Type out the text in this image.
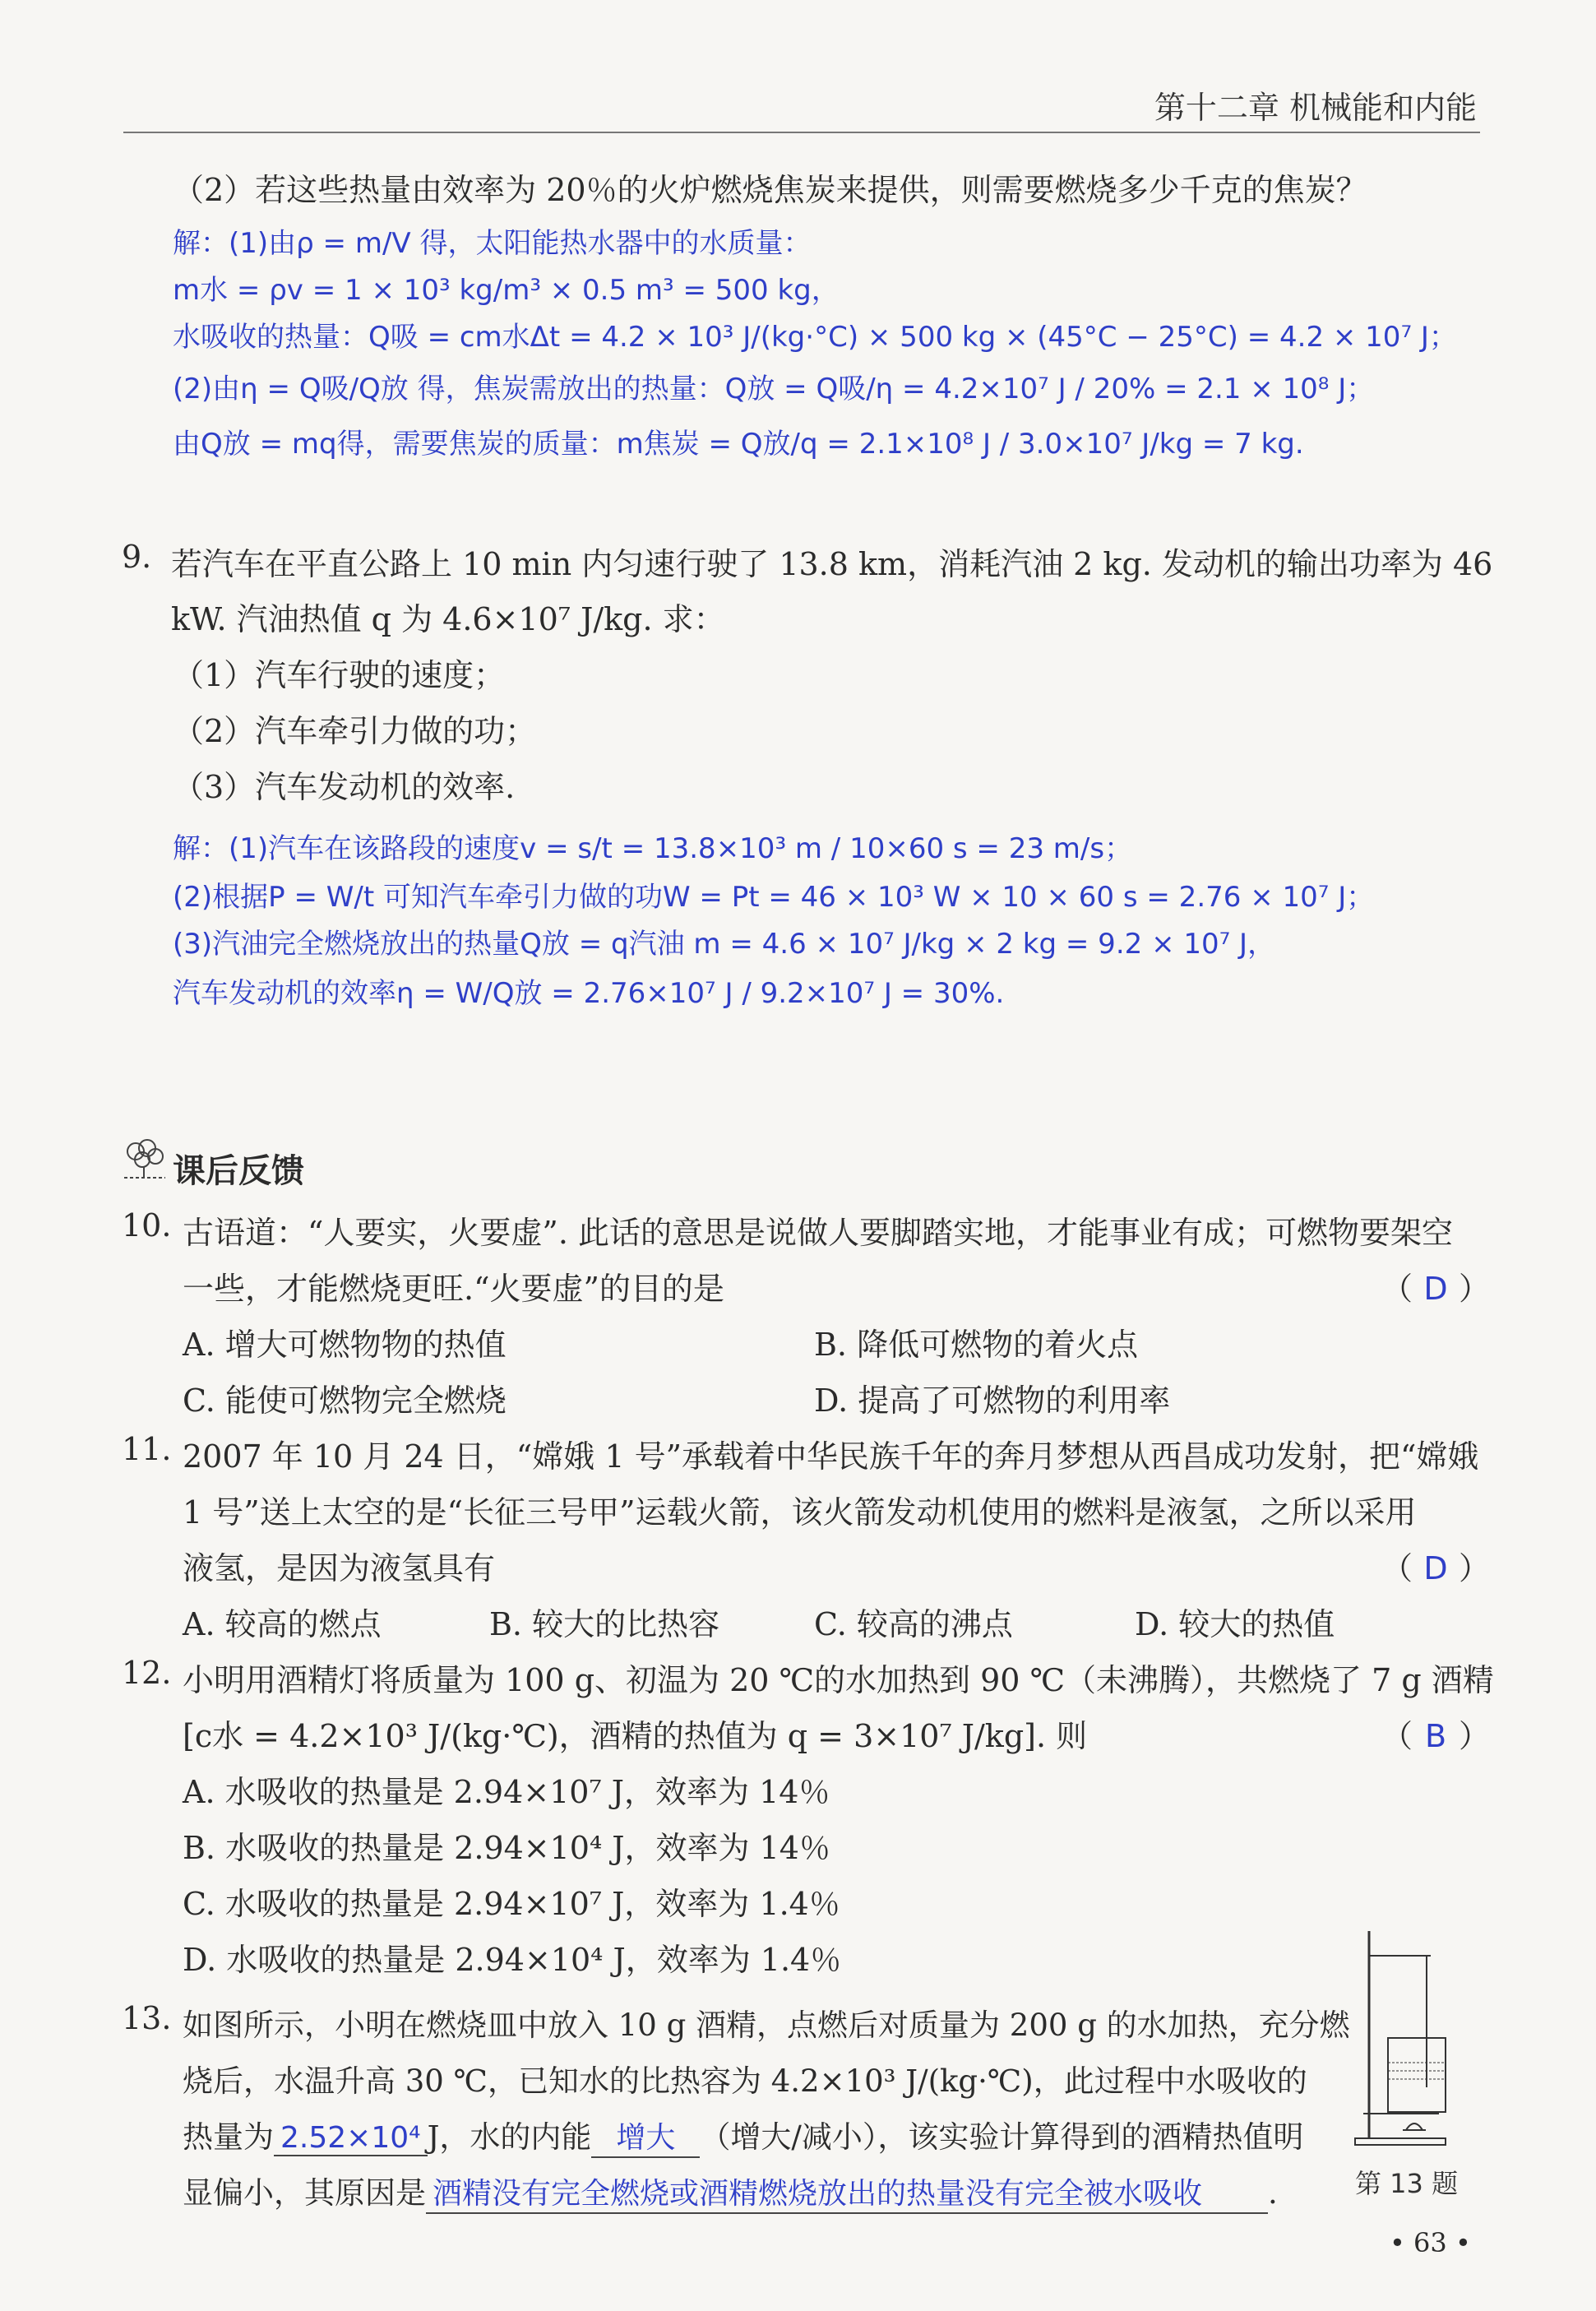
第十二章 机械能和内能
（2）若这些热量由效率为 20％的火炉燃烧焦炭来提供，则需要燃烧多少千克的焦炭？
解：(1)由ρ = m/V 得，太阳能热水器中的水质量：
m水 = ρv = 1 × 10³ kg/m³ × 0.5 m³ = 500 kg，
水吸收的热量：Q吸 = cm水Δt = 4.2 × 10³ J/(kg·°C) × 500 kg × (45°C − 25°C) = 4.2 × 10⁷ J；
(2)由η = Q吸/Q放 得，焦炭需放出的热量：Q放 = Q吸/η = 4.2×10⁷ J / 20% = 2.1 × 10⁸ J；
由Q放 = mq得，需要焦炭的质量：m焦炭 = Q放/q = 2.1×10⁸ J / 3.0×10⁷ J/kg = 7 kg.
9. 若汽车在平直公路上 10 min 内匀速行驶了 13.8 km，消耗汽油 2 kg. 发动机的输出功率为 46
kW. 汽油热值 q 为 4.6×10⁷ J/kg. 求：
（1）汽车行驶的速度；
（2）汽车牵引力做的功；
（3）汽车发动机的效率.
解：(1)汽车在该路段的速度v = s/t = 13.8×10³ m / 10×60 s = 23 m/s；
(2)根据P = W/t 可知汽车牵引力做的功W = Pt = 46 × 10³ W × 10 × 60 s = 2.76 × 10⁷ J；
(3)汽油完全燃烧放出的热量Q放 = q汽油 m = 4.6 × 10⁷ J/kg × 2 kg = 9.2 × 10⁷ J，
汽车发动机的效率η = W/Q放 = 2.76×10⁷ J / 9.2×10⁷ J = 30%.
课后反馈
10. 古语道：“人要实，火要虚”. 此话的意思是说做人要脚踏实地，才能事业有成；可燃物要架空
一些，才能燃烧更旺.“火要虚”的目的是	（ D ）
A. 增大可燃物物的热值	B. 降低可燃物的着火点
C. 能使可燃物完全燃烧	D. 提高了可燃物的利用率
11. 2007 年 10 月 24 日，“嫦娥 1 号”承载着中华民族千年的奔月梦想从西昌成功发射，把“嫦娥
1 号”送上太空的是“长征三号甲”运载火箭，该火箭发动机使用的燃料是液氢，之所以采用
液氢，是因为液氢具有	（ D ）
A. 较高的燃点	B. 较大的比热容	C. 较高的沸点	D. 较大的热值
12. 小明用酒精灯将质量为 100 g、初温为 20 ℃的水加热到 90 ℃（未沸腾），共燃烧了 7 g 酒精
[c水 = 4.2×10³ J/(kg·℃)，酒精的热值为 q = 3×10⁷ J/kg]. 则	（ B ）
A. 水吸收的热量是 2.94×10⁷ J，效率为 14％
B. 水吸收的热量是 2.94×10⁴ J，效率为 14％
C. 水吸收的热量是 2.94×10⁷ J，效率为 1.4％
D. 水吸收的热量是 2.94×10⁴ J，效率为 1.4％
13. 如图所示，小明在燃烧皿中放入 10 g 酒精，点燃后对质量为 200 g 的水加热，充分燃
烧后，水温升高 30 ℃，已知水的比热容为 4.2×10³ J/(kg·℃)，此过程中水吸收的
热量为 2.52×10⁴ J，水的内能 增大 （增大/减小），该实验计算得到的酒精热值明
显偏小，其原因是 酒精没有完全燃烧或酒精燃烧放出的热量没有完全被水吸收 .	第 13 题
• 63 •
